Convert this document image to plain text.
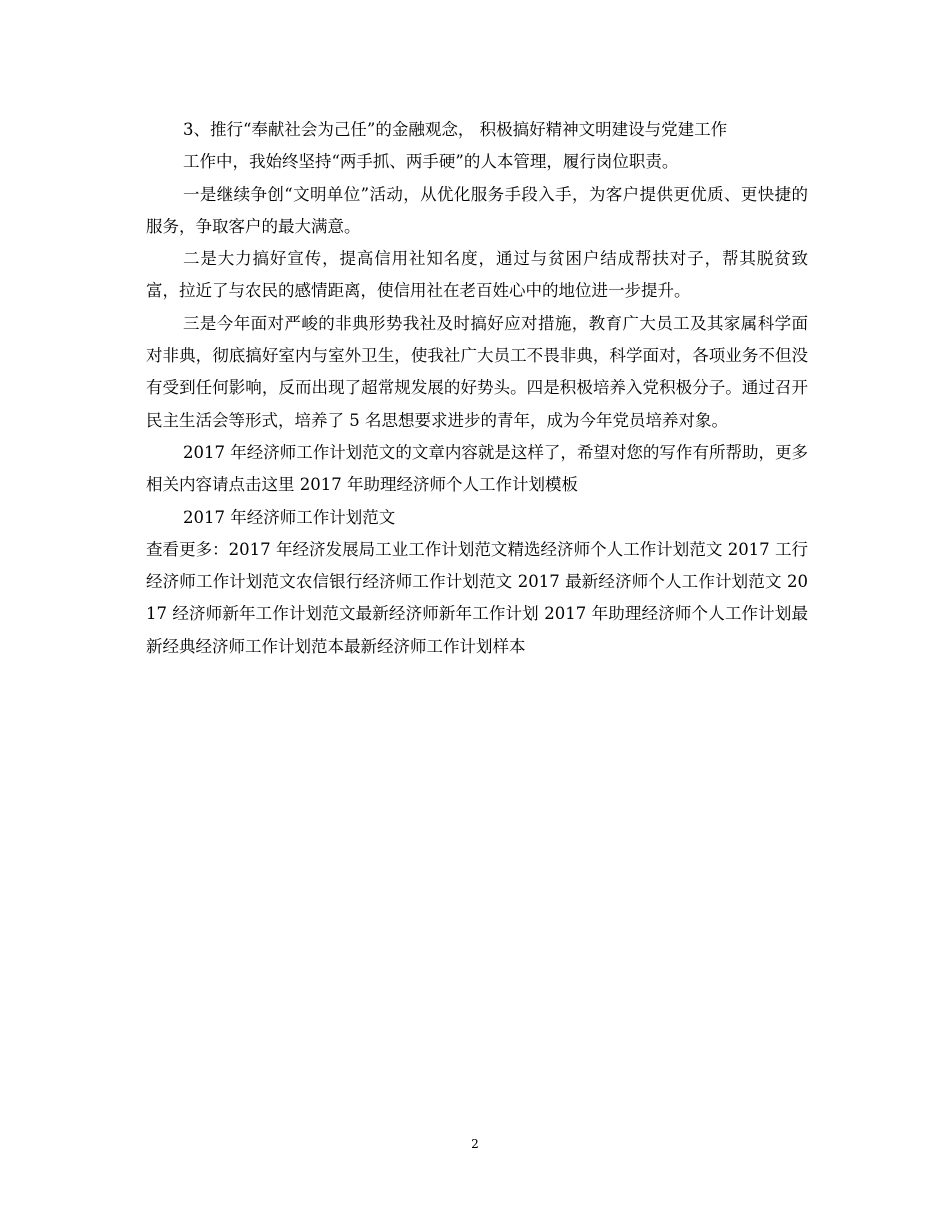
3、推行“奉献社会为己任”的金融观念， 积极搞好精神文明建设与党建工作

工作中，我始终坚持“两手抓、两手硬”的人本管理，履行岗位职责。

一是继续争创“文明单位”活动，从优化服务手段入手，为客户提供更优质、更快捷的服务，争取客户的最大满意。

二是大力搞好宣传，提高信用社知名度，通过与贫困户结成帮扶对子，帮其脱贫致富，拉近了与农民的感情距离，使信用社在老百姓心中的地位进一步提升。

三是今年面对严峻的非典形势我社及时搞好应对措施，教育广大员工及其家属科学面对非典，彻底搞好室内与室外卫生，使我社广大员工不畏非典，科学面对，各项业务不但没有受到任何影响，反而出现了超常规发展的好势头。四是积极培养入党积极分子。通过召开民主生活会等形式，培养了 5 名思想要求进步的青年，成为今年党员培养对象。

2017 年经济师工作计划范文的文章内容就是这样了，希望对您的写作有所帮助，更多相关内容请点击这里 2017 年助理经济师个人工作计划模板

2017 年经济师工作计划范文

查看更多：2017 年经济发展局工业工作计划范文精选经济师个人工作计划范文 2017 工行经济师工作计划范文农信银行经济师工作计划范文 2017 最新经济师个人工作计划范文 2017 经济师新年工作计划范文最新经济师新年工作计划 2017 年助理经济师个人工作计划最新经典经济师工作计划范本最新经济师工作计划样本

2
